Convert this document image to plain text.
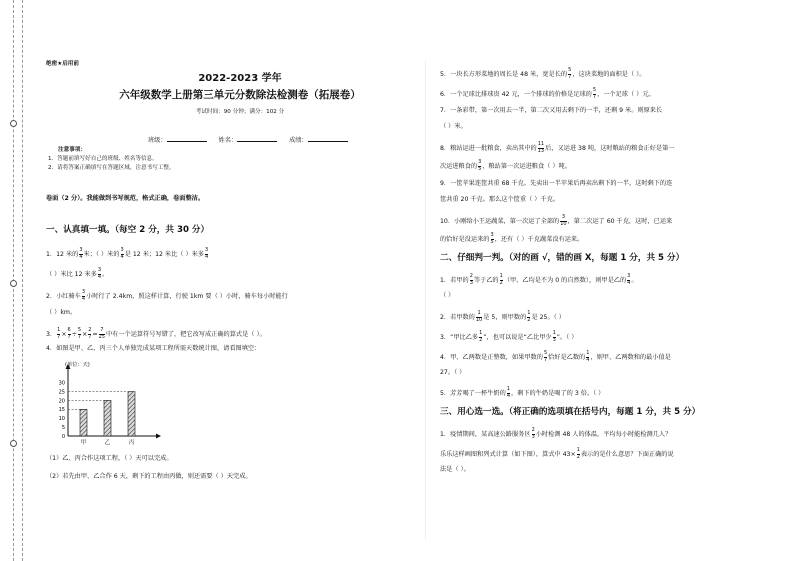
绝密★启用前
2022-2023 学年
六年级数学上册第三单元分数除法检测卷（拓展卷）
考试时间：90 分钟；满分：102 分
班级：	姓名：	成绩：
注意事项：
1．答题前填写好自己的班级、姓名等信息。
2．请将答案正确填写在答题区域，注意书写工整。
卷面（2 分）。我能做到书写规范，格式正确，卷面整洁。
一、认真填一填。（每空 2 分，共 30 分）
1．12 米的 $\frac{3}{4}$ 米；（ ）米的 $\frac{3}{4}$ 是 12 米；12 米比（ ）米多 $\frac{3}{4}$
（ ）米比 12 米多 $\frac{3}{4}$ 。
2．小红骑车 $\frac{3}{4}$ 小时行了 2.4km，照这样计算，行驶 1km 要（ ）小时，骑车每小时能行
（ ）km。
3． $\frac{1}{7} \times \frac{6}{7} \div \frac{5}{7} \times \frac{2}{7} = \frac{7}{25}$ 中有一个运算符号写错了，把它改写成正确的算式是（ ）。
4．如图是甲、乙、丙三个人单独完成某项工程所需天数统计图，请看图填空：
(单位：天)
0
5
10
15
20
25
30
甲	乙	丙
（1）乙、丙合作这项工程，（ ）天可以完成。
（2）若先由甲、乙合作 6 天，剩下的工程由丙做，则还需要（ ）天完成。
5．一块长方形菜地的周长是 48 米，宽是长的 $\frac{5}{7}$ ，这块菜地的面积是（ ）。
6．一个足球比排球贵 42 元，一个排球的价格是足球的 $\frac{5}{7}$ ，一个足球（ ）元。
7．一条彩带，第一次用去一半，第二次又用去剩下的一半，还剩 9 米。则原来长
（ ）米。
8．粮站运进一批粮食，卖出其中的 $\frac{11}{13}$ 后，又运进 38 吨，这时粮站的粮食正好是第一
次运进粮食的 $\frac{3}{5}$ ，粮站第一次运进粮食（ ）吨。
9．一筐苹果连筐共重 68 千克。先卖出一半苹果后再卖出剩下的一半，这时剩下的连
筐共重 20 千克。那么这个筐重（ ）千克。
10．小刚给小王运蔬菜，第一次运了全部的 $\frac{3}{10}$ ，第二次运了 60 千克，这时，已运来
的恰好是没运来的 $\frac{3}{5}$ ，还有（ ）千克蔬菜没有运来。
二、仔细判一判。（对的画 √，错的画 X，每题 1 分，共 5 分）
1．若甲的 $\frac{2}{3}$ 等于乙的 $\frac{1}{2}$ （甲、乙均是不为 0 的自然数），则甲是乙的 $\frac{3}{4}$ 。
（ ）
2．若甲数的 $\frac{1}{10}$ 是 5，则甲数的 $\frac{1}{2}$ 是 25。（ ）
3．“甲比乙多 $\frac{1}{2}$ ”，也可以说是“乙比甲少 $\frac{1}{3}$ ”。（ ）
4．甲、乙两数是正整数，如果甲数的 $\frac{5}{7}$ 恰好是乙数的 $\frac{1}{4}$ ，则甲、乙两数和的最小值是
27。（ ）
5．芳芳喝了一杯牛奶的 $\frac{1}{4}$ ，剩下的牛奶是喝了的 3 倍。（ ）
三、用心选一选。（将正确的选项填在括号内，每题 1 分，共 5 分）
1．疫情期间，某高速公路服务区 $\frac{2}{3}$ 小时检测 48 人的体温，平均每小时能检测几人？
乐乐这样画图和列式计算（如下图），算式中 $43\times \frac{1}{2}$ 表示的是什么意思？下面正确的说
法是（ ）。
